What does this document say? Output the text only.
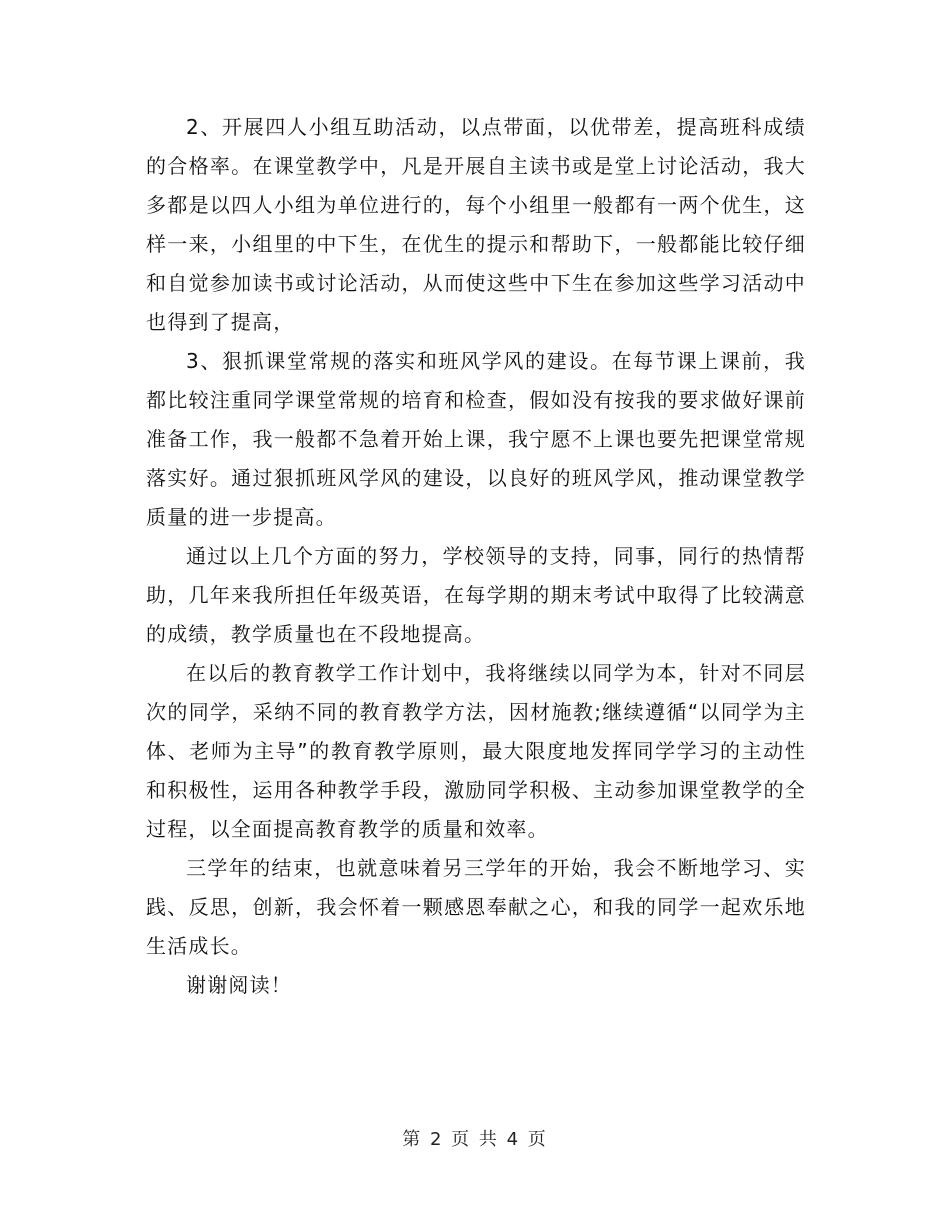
2、开展四人小组互助活动，以点带面，以优带差，提高班科成绩的合格率。在课堂教学中，凡是开展自主读书或是堂上讨论活动，我大多都是以四人小组为单位进行的，每个小组里一般都有一两个优生，这样一来，小组里的中下生，在优生的提示和帮助下，一般都能比较仔细和自觉参加读书或讨论活动，从而使这些中下生在参加这些学习活动中也得到了提高，

3、狠抓课堂常规的落实和班风学风的建设。在每节课上课前，我都比较注重同学课堂常规的培育和检查，假如没有按我的要求做好课前准备工作，我一般都不急着开始上课，我宁愿不上课也要先把课堂常规落实好。通过狠抓班风学风的建设，以良好的班风学风，推动课堂教学质量的进一步提高。

通过以上几个方面的努力，学校领导的支持，同事，同行的热情帮助，几年来我所担任年级英语，在每学期的期末考试中取得了比较满意的成绩，教学质量也在不段地提高。

在以后的教育教学工作计划中，我将继续以同学为本，针对不同层次的同学，采纳不同的教育教学方法，因材施教;继续遵循“以同学为主体、老师为主导”的教育教学原则，最大限度地发挥同学学习的主动性和积极性，运用各种教学手段，激励同学积极、主动参加课堂教学的全过程，以全面提高教育教学的质量和效率。

三学年的结束，也就意味着另三学年的开始，我会不断地学习、实践、反思，创新，我会怀着一颗感恩奉献之心，和我的同学一起欢乐地生活成长。

谢谢阅读！

第 2 页 共 4 页
